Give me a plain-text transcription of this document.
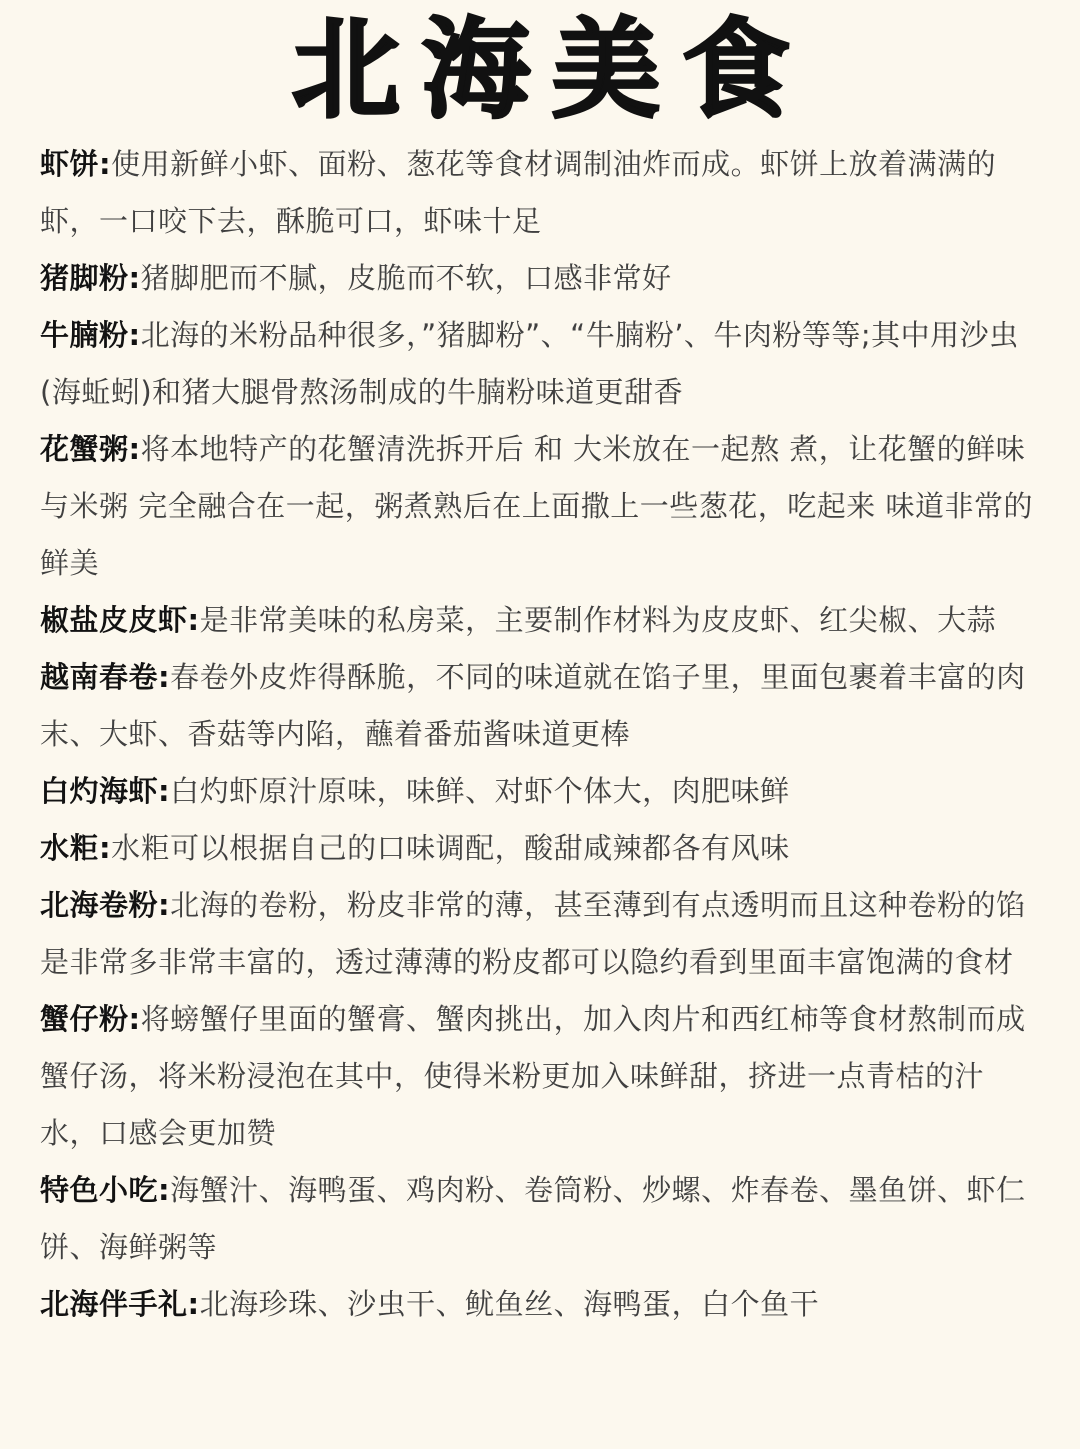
北海美食

虾饼:使用新鲜小虾、面粉、葱花等食材调制油炸而成。虾饼上放着满满的虾，一口咬下去，酥脆可口，虾味十足

猪脚粉:猪脚肥而不腻，皮脆而不软，口感非常好

牛腩粉:北海的米粉品种很多，”猪脚粉”、“牛腩粉’、牛肉粉等等;其中用沙虫(海蚯蚓)和猪大腿骨熬汤制成的牛腩粉味道更甜香

花蟹粥:将本地特产的花蟹清洗拆开后 和 大米放在一起熬 煮，让花蟹的鲜味与米粥 完全融合在一起，粥煮熟后在上面撒上一些葱花，吃起来 味道非常的鲜美

椒盐皮皮虾:是非常美味的私房菜，主要制作材料为皮皮虾、红尖椒、大蒜

越南春卷:春卷外皮炸得酥脆，不同的味道就在馅子里，里面包裹着丰富的肉末、大虾、香菇等内陷，蘸着番茄酱味道更棒

白灼海虾:白灼虾原汁原味，味鲜、对虾个体大，肉肥味鲜

水粔:水粔可以根据自己的口味调配，酸甜咸辣都各有风味

北海卷粉:北海的卷粉，粉皮非常的薄，甚至薄到有点透明而且这种卷粉的馅是非常多非常丰富的，透过薄薄的粉皮都可以隐约看到里面丰富饱满的食材

蟹仔粉:将螃蟹仔里面的蟹膏、蟹肉挑出，加入肉片和西红柿等食材熬制而成蟹仔汤，将米粉浸泡在其中，使得米粉更加入味鲜甜，挤进一点青桔的汁水，口感会更加赞

特色小吃:海蟹汁、海鸭蛋、鸡肉粉、卷筒粉、炒螺、炸春卷、墨鱼饼、虾仁饼、海鲜粥等

北海伴手礼:北海珍珠、沙虫干、鱿鱼丝、海鸭蛋，白个鱼干
